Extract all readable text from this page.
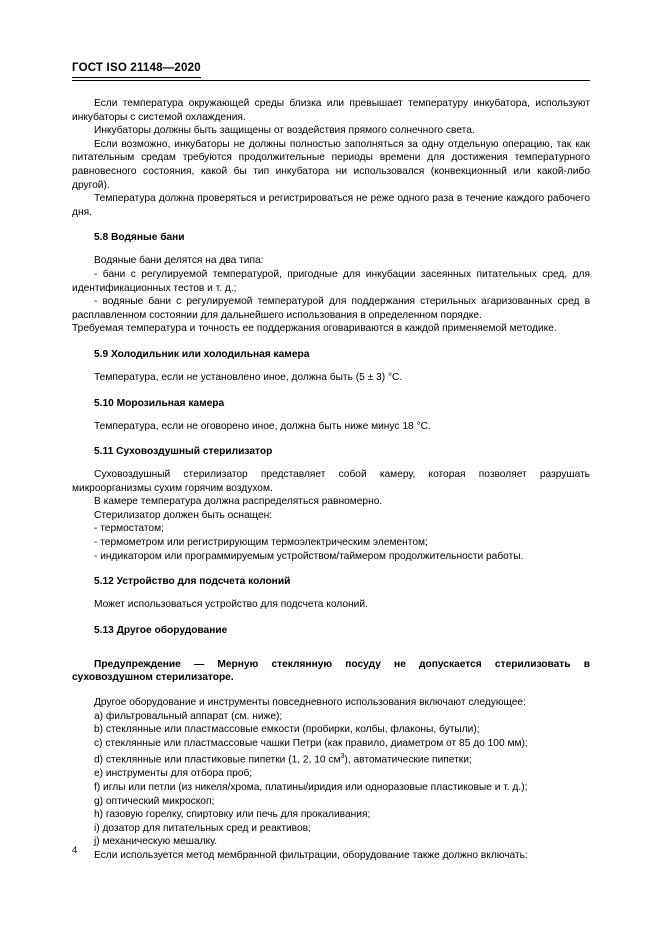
ГОСТ ISO 21148—2020

Если температура окружающей среды близка или превышает температуру инкубатора, используют инкубаторы с системой охлаждения.

Инкубаторы должны быть защищены от воздействия прямого солнечного света.

Если возможно, инкубаторы не должны полностью заполняться за одну отдельную операцию, так как питательным средам требуются продолжительные периоды времени для достижения температурного равновесного состояния, какой бы тип инкубатора ни использовался (конвекционный или какой-либо другой).

Температура должна проверяться и регистрироваться не реже одного раза в течение каждого рабочего дня.

5.8 Водяные бани

Водяные бани делятся на два типа:

- бани с регулируемой температурой, пригодные для инкубации засеянных питательных сред, для идентификационных тестов и т. д.;

- водяные бани с регулируемой температурой для поддержания стерильных агаризованных сред в расплавленном состоянии для дальнейшего использования в определенном порядке.

Требуемая температура и точность ее поддержания оговариваются в каждой применяемой методике.

5.9 Холодильник или холодильная камера

Температура, если не установлено иное, должна быть (5 ± 3) °С.

5.10 Морозильная камера

Температура, если не оговорено иное, должна быть ниже минус 18 °С.

5.11 Суховоздушный стерилизатор

Суховоздушный стерилизатор представляет собой камеру, которая позволяет разрушать микроорганизмы сухим горячим воздухом.

В камере температура должна распределяться равномерно.

Стерилизатор должен быть оснащен:

- термостатом;

- термометром или регистрирующим термоэлектрическим элементом;

- индикатором или программируемым устройством/таймером продолжительности работы.

5.12 Устройство для подсчета колоний

Может использоваться устройство для подсчета колоний.

5.13 Другое оборудование

Предупреждение — Мерную стеклянную посуду не допускается стерилизовать в суховоздушном стерилизаторе.

Другое оборудование и инструменты повседневного использования включают следующее:

a) фильтровальный аппарат (см. ниже);

b) стеклянные или пластмассовые емкости (пробирки, колбы, флаконы, бутыли);

c) стеклянные или пластмассовые чашки Петри (как правило, диаметром от 85 до 100 мм);

d) стеклянные или пластиковые пипетки (1, 2, 10 $см^3$), автоматические пипетки;

e) инструменты для отбора проб;

f) иглы или петли (из никеля/хрома, платины/иридия или одноразовые пластиковые и т. д.);

g) оптический микроскоп;

h) газовую горелку, спиртовку или печь для прокаливания;

i) дозатор для питательных сред и реактивов;

j) механическую мешалку.

Если используется метод мембранной фильтрации, оборудование также должно включать:

4
